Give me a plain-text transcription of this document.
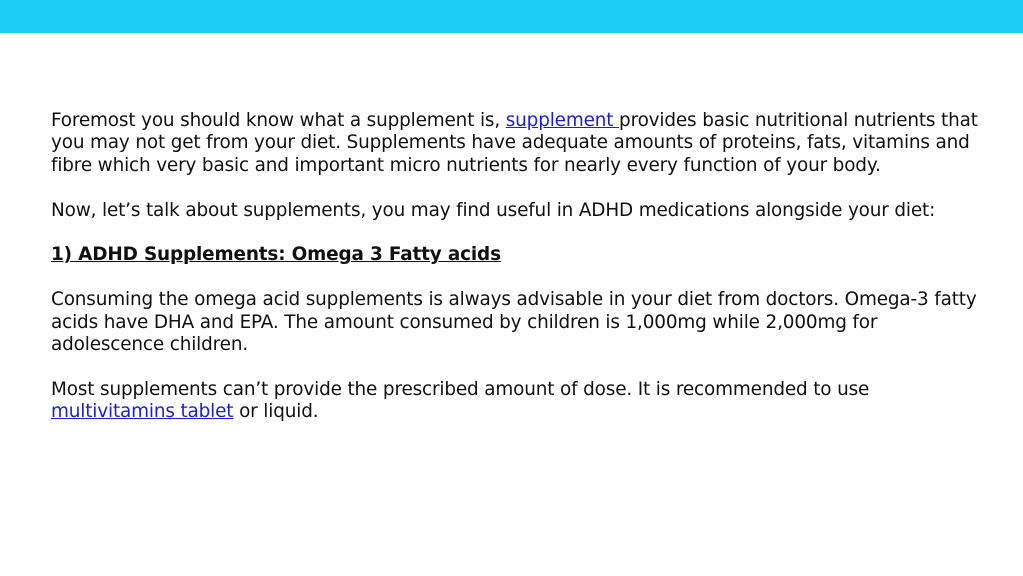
Foremost you should know what a supplement is, supplement provides basic nutritional nutrients that you may not get from your diet. Supplements have adequate amounts of proteins, fats, vitamins and fibre which very basic and important micro nutrients for nearly every function of your body.

Now, let’s talk about supplements, you may find useful in ADHD medications alongside your diet:

1) ADHD Supplements: Omega 3 Fatty acids

Consuming the omega acid supplements is always advisable in your diet from doctors. Omega-3 fatty acids have DHA and EPA. The amount consumed by children is 1,000mg while 2,000mg for adolescence children.

Most supplements can’t provide the prescribed amount of dose. It is recommended to use multivitamins tablet or liquid.
